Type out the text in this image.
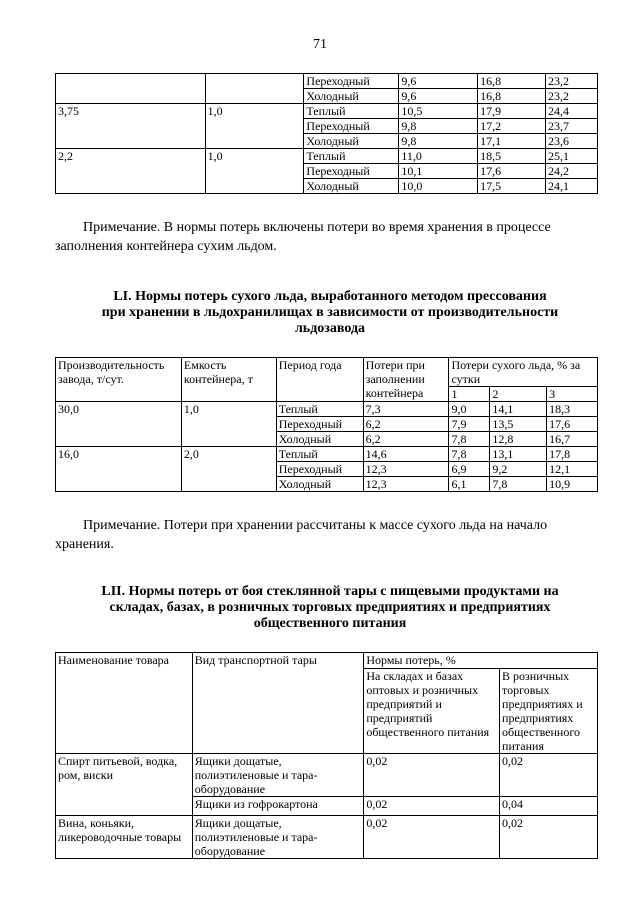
71
		Переходный	9,6	16,8	23,2
		Холодный	9,6	16,8	23,2
3,75	1,0	Теплый	10,5	17,9	24,4
		Переходный	9,8	17,2	23,7
		Холодный	9,8	17,1	23,6
2,2	1,0	Теплый	11,0	18,5	25,1
		Переходный	10,1	17,6	24,2
		Холодный	10,0	17,5	24,1
Примечание. В нормы потерь включены потери во время хранения в процессе
заполнения контейнера сухим льдом.
LI. Нормы потерь сухого льда, выработанного методом прессования
при хранении в льдохранилищах в зависимости от производительности
льдозавода
Производительность завода, т/сут.	Емкость контейнера, т	Период года	Потери при заполнении контейнера	Потери сухого льда, % за сутки		
				1	2	3
30,0	1,0	Теплый	7,3	9,0	14,1	18,3
		Переходный	6,2	7,9	13,5	17,6
		Холодный	6,2	7,8	12,8	16,7
16,0	2,0	Теплый	14,6	7,8	13,1	17,8
		Переходный	12,3	6,9	9,2	12,1
		Холодный	12,3	6,1	7,8	10,9
Примечание. Потери при хранении рассчитаны к массе сухого льда на начало
хранения.
LII. Нормы потерь от боя стеклянной тары с пищевыми продуктами на
складах, базах, в розничных торговых предприятиях и предприятиях
общественного питания
Наименование товара	Вид транспортной тары	Нормы потерь, %	
		На складах и базах оптовых и розничных предприятий и предприятий общественного питания	В розничных торговых предприятиях и предприятиях общественного питания
Спирт питьевой, водка, ром, виски	Ящики дощатые, полиэтиленовые и тара-оборудование	0,02	0,02
	Ящики из гофрокартона	0,02	0,04
Вина, коньяки, ликероводочные товары	Ящики дощатые, полиэтиленовые и тара-оборудование	0,02	0,02
